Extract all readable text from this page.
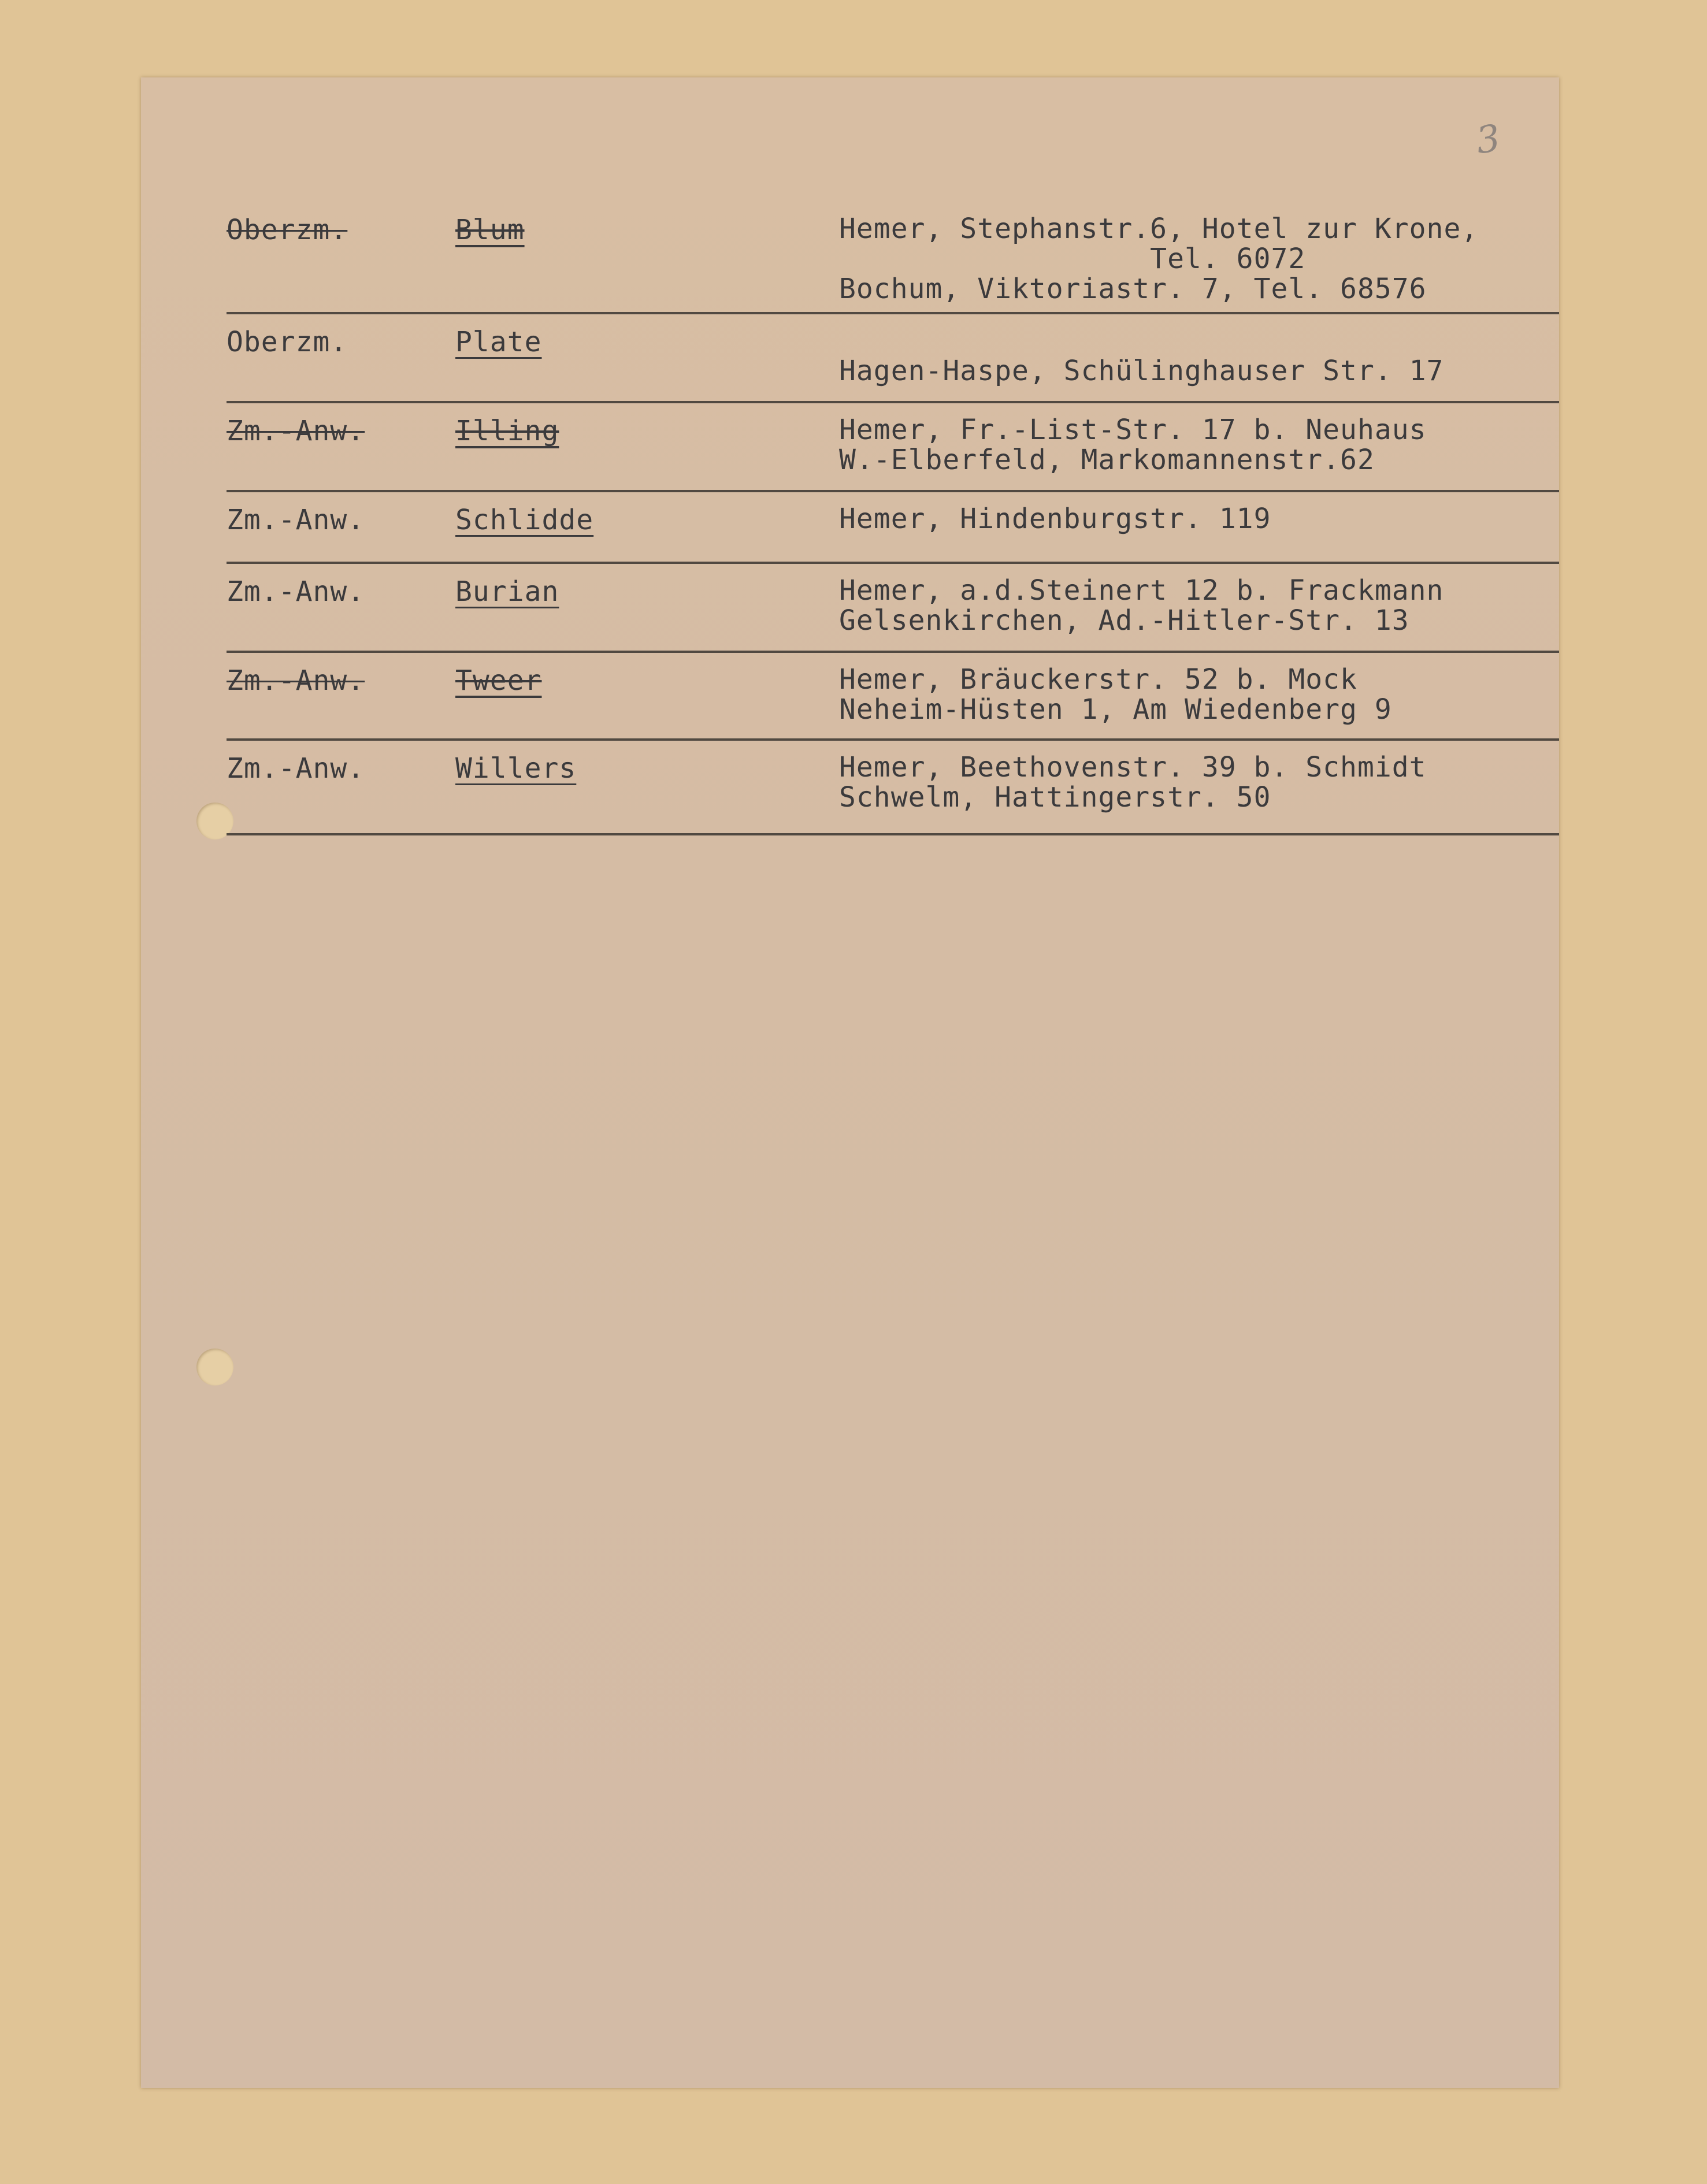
3
Oberzm.	Blum	Hemer, Stephanstr.6, Hotel zur Krone,
Tel. 6072
Bochum, Viktoriastr. 7, Tel. 68576
Oberzm.	Plate
Hagen-Haspe, Schülinghauser Str. 17
Zm.-Anw.	Illing	Hemer, Fr.-List-Str. 17 b. Neuhaus
W.-Elberfeld, Markomannenstr.62
Zm.-Anw.	Schlidde	Hemer, Hindenburgstr. 119
Zm.-Anw.	Burian	Hemer, a.d.Steinert 12 b. Frackmann
Gelsenkirchen, Ad.-Hitler-Str. 13
Zm.-Anw.	Tweer	Hemer, Bräuckerstr. 52 b. Mock
Neheim-Hüsten 1, Am Wiedenberg 9
Zm.-Anw.	Willers	Hemer, Beethovenstr. 39 b. Schmidt
Schwelm, Hattingerstr. 50
